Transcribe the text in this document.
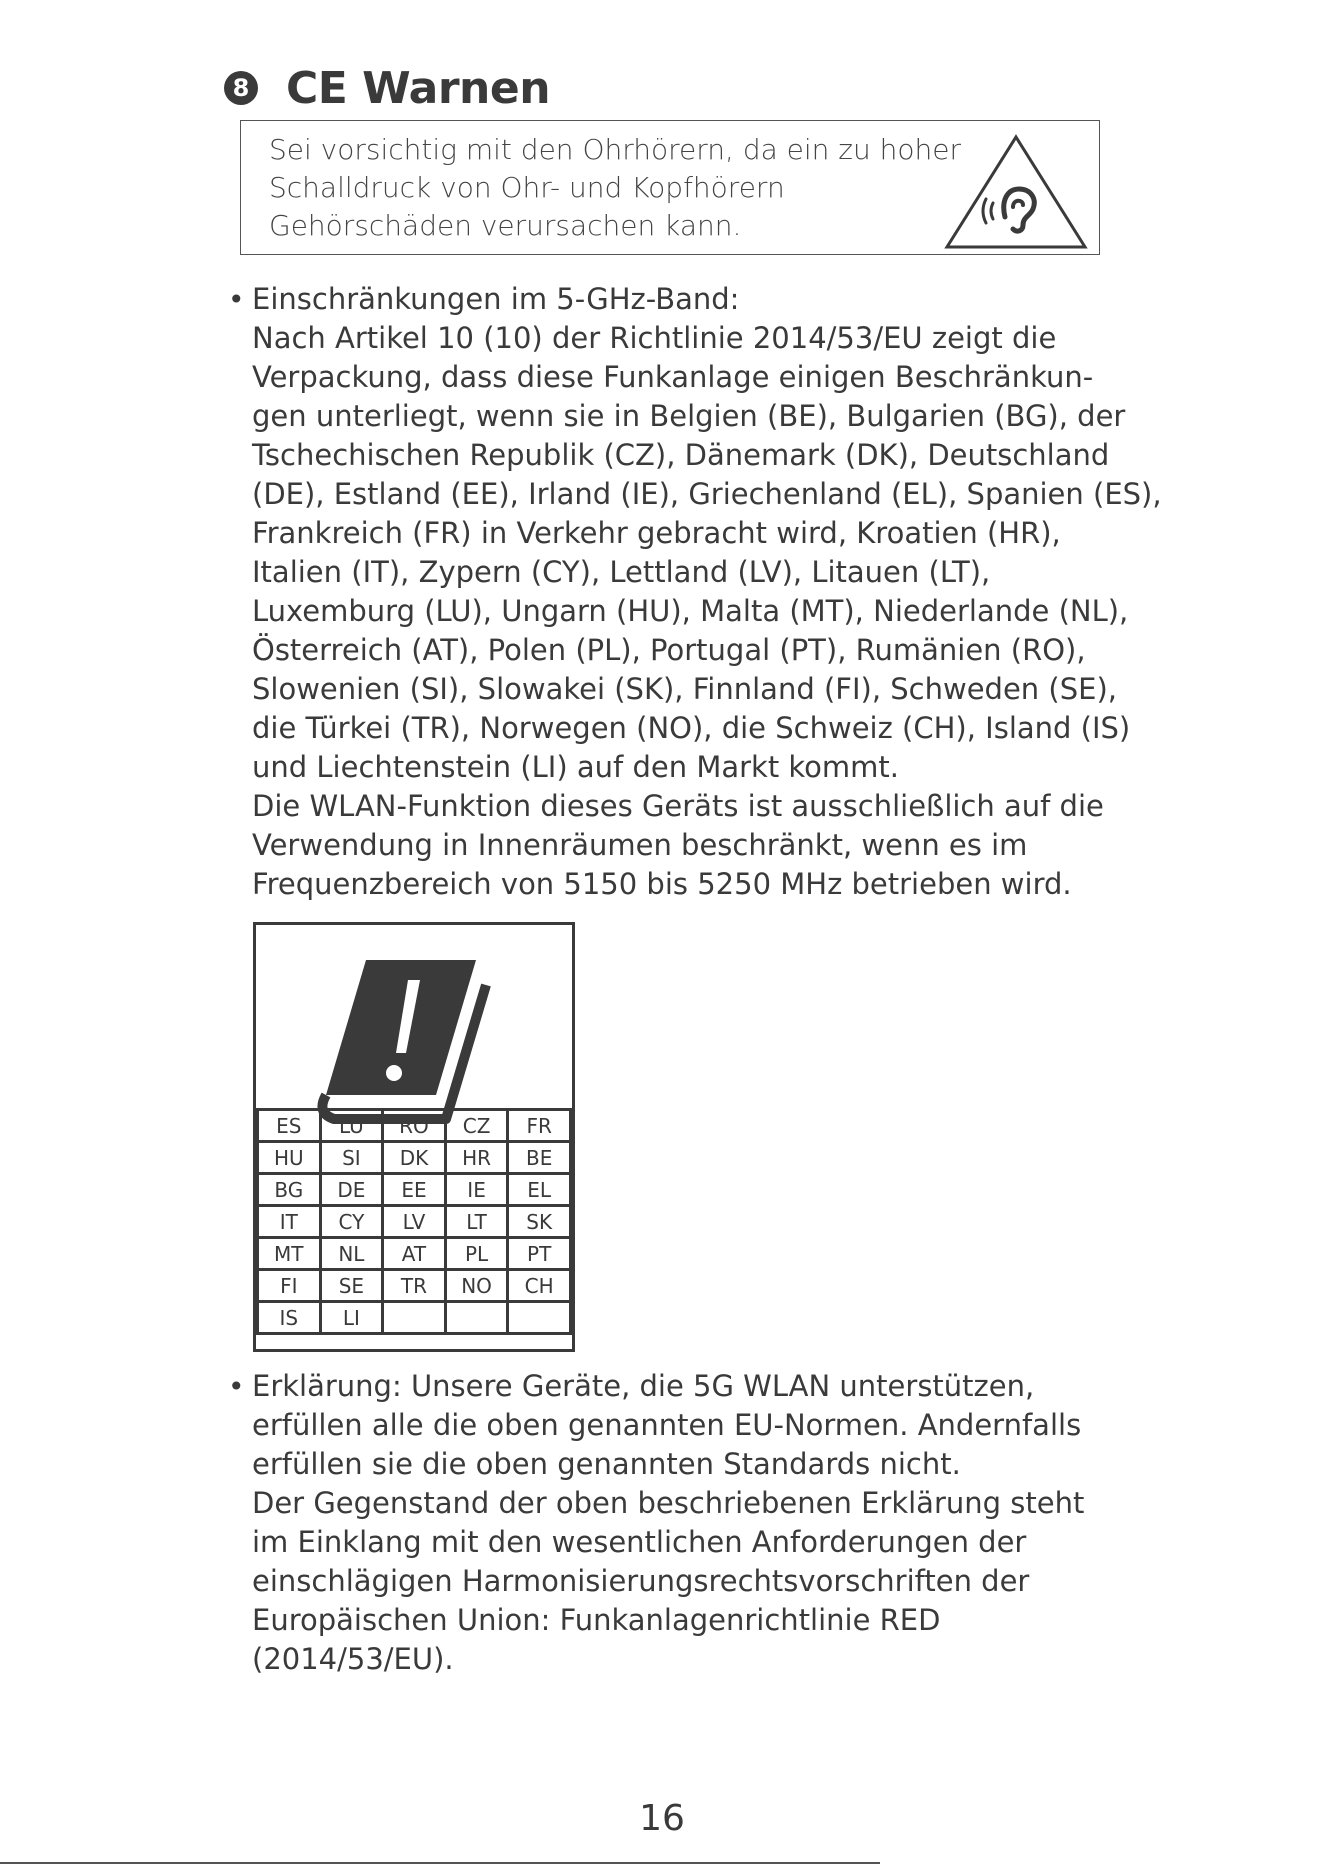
8 CE Warnen
Sei vorsichtig mit den Ohrhörern, da ein zu hoher
Schalldruck von Ohr- und Kopfhörern
Gehörschäden verursachen kann.
• Einschränkungen im 5-GHz-Band:
Nach Artikel 10 (10) der Richtlinie 2014/53/EU zeigt die
Verpackung, dass diese Funkanlage einigen Beschränkun-
gen unterliegt, wenn sie in Belgien (BE), Bulgarien (BG), der
Tschechischen Republik (CZ), Dänemark (DK), Deutschland
(DE), Estland (EE), Irland (IE), Griechenland (EL), Spanien (ES),
Frankreich (FR) in Verkehr gebracht wird, Kroatien (HR),
Italien (IT), Zypern (CY), Lettland (LV), Litauen (LT),
Luxemburg (LU), Ungarn (HU), Malta (MT), Niederlande (NL),
Österreich (AT), Polen (PL), Portugal (PT), Rumänien (RO),
Slowenien (SI), Slowakei (SK), Finnland (FI), Schweden (SE),
die Türkei (TR), Norwegen (NO), die Schweiz (CH), Island (IS)
und Liechtenstein (LI) auf den Markt kommt.
Die WLAN-Funktion dieses Geräts ist ausschließlich auf die
Verwendung in Innenräumen beschränkt, wenn es im
Frequenzbereich von 5150 bis 5250 MHz betrieben wird.
ES	LU	RO	CZ	FR
HU	SI	DK	HR	BE
BG	DE	EE	IE	EL
IT	CY	LV	LT	SK
MT	NL	AT	PL	PT
FI	SE	TR	NO	CH
IS	LI			
• Erklärung: Unsere Geräte, die 5G WLAN unterstützen,
erfüllen alle die oben genannten EU-Normen. Andernfalls
erfüllen sie die oben genannten Standards nicht.
Der Gegenstand der oben beschriebenen Erklärung steht
im Einklang mit den wesentlichen Anforderungen der
einschlägigen Harmonisierungsrechtsvorschriften der
Europäischen Union: Funkanlagenrichtlinie RED
(2014/53/EU).
16
